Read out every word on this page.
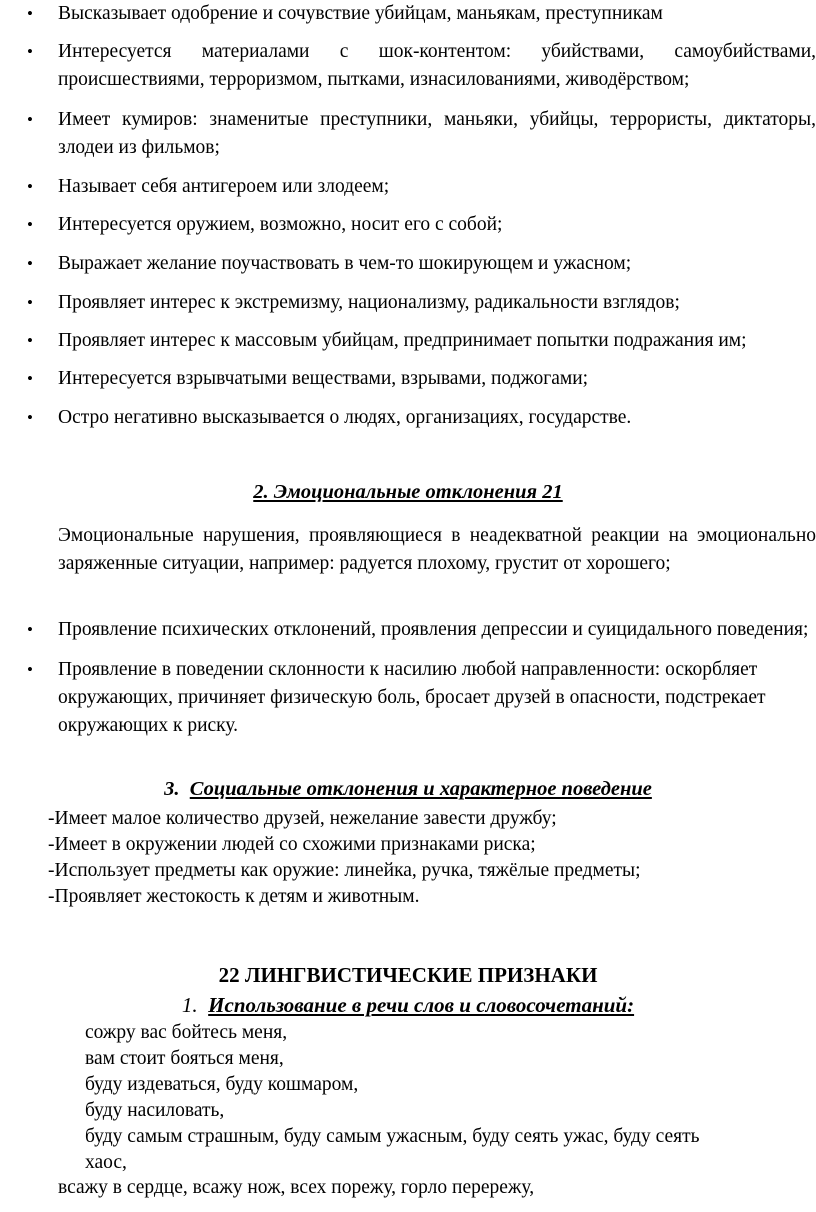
• Высказывает одобрение и сочувствие убийцам, маньякам, преступникам
• Интересуется материалами с шок-контентом: убийствами, самоубийствами, происшествиями, терроризмом, пытками, изнасилованиями, живодёрством;
• Имеет кумиров: знаменитые преступники, маньяки, убийцы, террористы, диктаторы, злодеи из фильмов;
• Называет себя антигероем или злодеем;
• Интересуется оружием, возможно, носит его с собой;
• Выражает желание поучаствовать в чем-то шокирующем и ужасном;
• Проявляет интерес к экстремизму, национализму, радикальности взглядов;
• Проявляет интерес к массовым убийцам, предпринимает попытки подражания им;
• Интересуется взрывчатыми веществами, взрывами, поджогами;
• Остро негативно высказывается о людях, организациях, государстве.
2. Эмоциональные отклонения 21
Эмоциональные нарушения, проявляющиеся в неадекватной реакции на эмоционально заряженные ситуации, например: радуется плохому, грустит от хорошего;
• Проявление психических отклонений, проявления депрессии и суицидального поведения;
• Проявление в поведении склонности к насилию любой направленности: оскорбляет окружающих, причиняет физическую боль, бросает друзей в опасности, подстрекает окружающих к риску.
3. Социальные отклонения и характерное поведение
-Имеет малое количество друзей, нежелание завести дружбу;
-Имеет в окружении людей со схожими признаками риска;
-Использует предметы как оружие: линейка, ручка, тяжёлые предметы;
-Проявляет жестокость к детям и животным.
22 ЛИНГВИСТИЧЕСКИЕ ПРИЗНАКИ
1. Использование в речи слов и словосочетаний:
сожру вас бойтесь меня,
вам стоит бояться меня,
буду издеваться, буду кошмаром,
буду насиловать,
буду самым страшным, буду самым ужасным, буду сеять ужас, буду сеять
хаос,
всажу в сердце, всажу нож, всех порежу, горло перережу,
